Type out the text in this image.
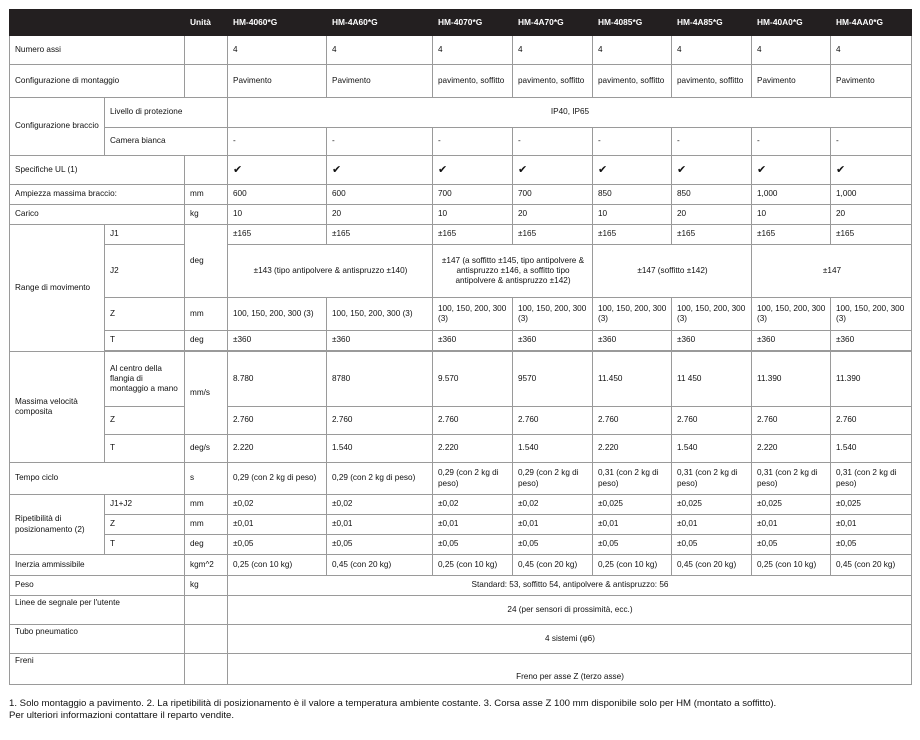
		Unità	HM-4060*G	HM-4A60*G	HM-4070*G	HM-4A70*G	HM-4085*G	HM-4A85*G	HM-40A0*G	HM-4AA0*G
Numero assi			4	4	4	4	4	4	4	4
Configurazione di montaggio			Pavimento	Pavimento	pavimento, soffitto	pavimento, soffitto	pavimento, soffitto	pavimento, soffitto	Pavimento	Pavimento
Configurazione braccio	Livello di protezione		IP40, IP65							
	Camera bianca		-	-	-	-	-	-	-	-
Specifiche UL (1)			✔	✔	✔	✔	✔	✔	✔	✔
Ampiezza massima braccio:		mm	600	600	700	700	850	850	1,000	1,000
Carico		kg	10	20	10	20	10	20	10	20
Range di movimento	J1	deg	±165	±165	±165	±165	±165	±165	±165	±165
	J2		±143 (tipo antipolvere & antispruzzo ±140)		±147 (a soffitto ±145, tipo antipolvere & antispruzzo ±146, a soffitto tipo antipolvere & antispruzzo ±142)		±147 (soffitto ±142)		±147	
	Z	mm	100, 150, 200, 300 (3)	100, 150, 200, 300 (3)	100, 150, 200, 300 (3)	100, 150, 200, 300 (3)	100, 150, 200, 300 (3)	100, 150, 200, 300 (3)	100, 150, 200, 300 (3)	100, 150, 200, 300 (3)
	T	deg	±360	±360	±360	±360	±360	±360	±360	±360

Massima velocità composita	Al centro della flangia di montaggio a mano	mm/s	8.780	8780	9.570	9570	11.450	11 450	11.390	11.390
	Z		2.760	2.760	2.760	2.760	2.760	2.760	2.760	2.760
	T	deg/s	2.220	1.540	2.220	1.540	2.220	1.540	2.220	1.540
Tempo ciclo		s	0,29 (con 2 kg di peso)	0,29 (con 2 kg di peso)	0,29 (con 2 kg di peso)	0,29 (con 2 kg di peso)	0,31 (con 2 kg di peso)	0,31 (con 2 kg di peso)	0,31 (con 2 kg di peso)	0,31 (con 2 kg di peso)
Ripetibilità di posizionamento (2)	J1+J2	mm	±0,02	±0,02	±0,02	±0,02	±0,025	±0,025	±0,025	±0,025
	Z	mm	±0,01	±0,01	±0,01	±0,01	±0,01	±0,01	±0,01	±0,01
	T	deg	±0,05	±0,05	±0,05	±0,05	±0,05	±0,05	±0,05	±0,05
Inerzia ammissibile		kgm^2	0,25 (con 10 kg)	0,45 (con 20 kg)	0,25 (con 10 kg)	0,45 (con 20 kg)	0,25 (con 10 kg)	0,45 (con 20 kg)	0,25 (con 10 kg)	0,45 (con 20 kg)
Peso		kg	Standard: 53, soffitto 54, antipolvere & antispruzzo: 56							
Linee de segnale per l'utente			24 (per sensori di prossimità, ecc.)							
Tubo pneumatico			4 sistemi (φ6)							
Freni			Freno per asse Z (terzo asse)							
1. Solo montaggio a pavimento. 2. La ripetibilità di posizionamento è il valore a temperatura ambiente costante. 3. Corsa asse Z 100 mm disponibile solo per HM (montato a soffitto).
Per ulteriori informazioni contattare il reparto vendite.
